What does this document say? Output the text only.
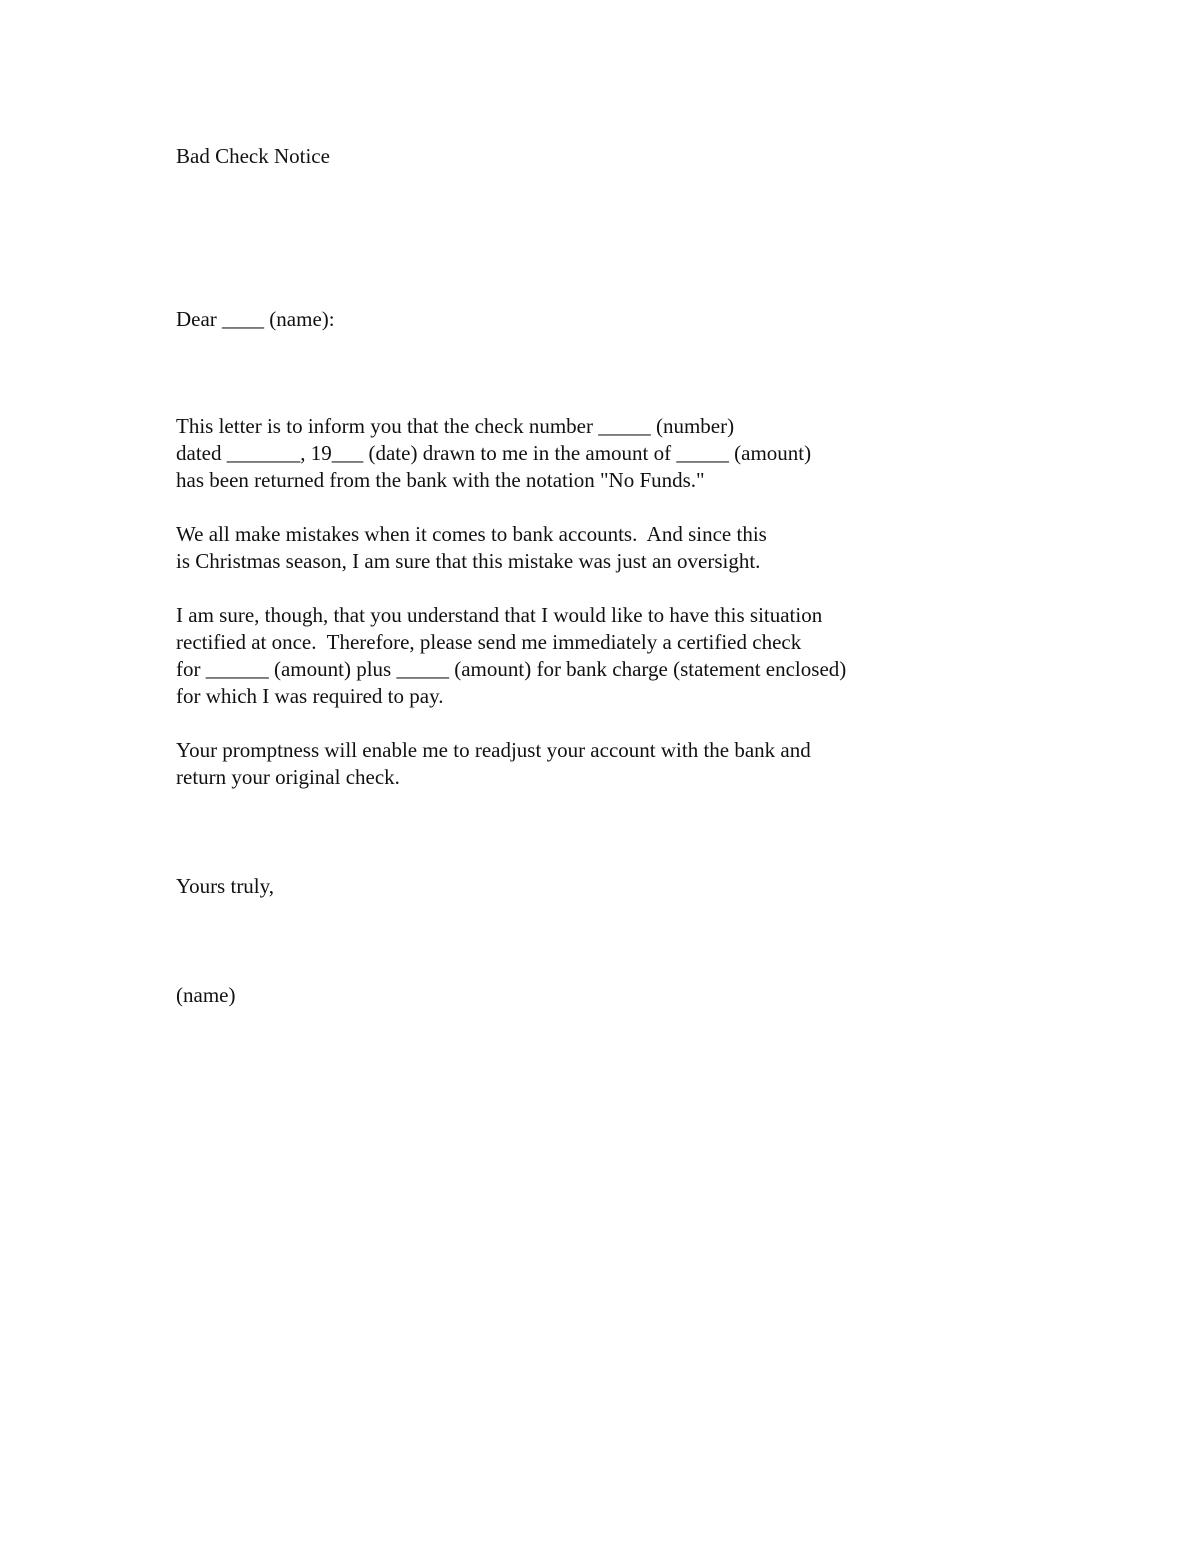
Bad Check Notice
Dear ____ (name):
This letter is to inform you that the check number _____ (number)
dated _______, 19___ (date) drawn to me in the amount of _____ (amount)
has been returned from the bank with the notation "No Funds."
We all make mistakes when it comes to bank accounts.  And since this
is Christmas season, I am sure that this mistake was just an oversight.
I am sure, though, that you understand that I would like to have this situation
rectified at once.  Therefore, please send me immediately a certified check
for ______ (amount) plus _____ (amount) for bank charge (statement enclosed)
for which I was required to pay.
Your promptness will enable me to readjust your account with the bank and
return your original check.
Yours truly,
(name)
